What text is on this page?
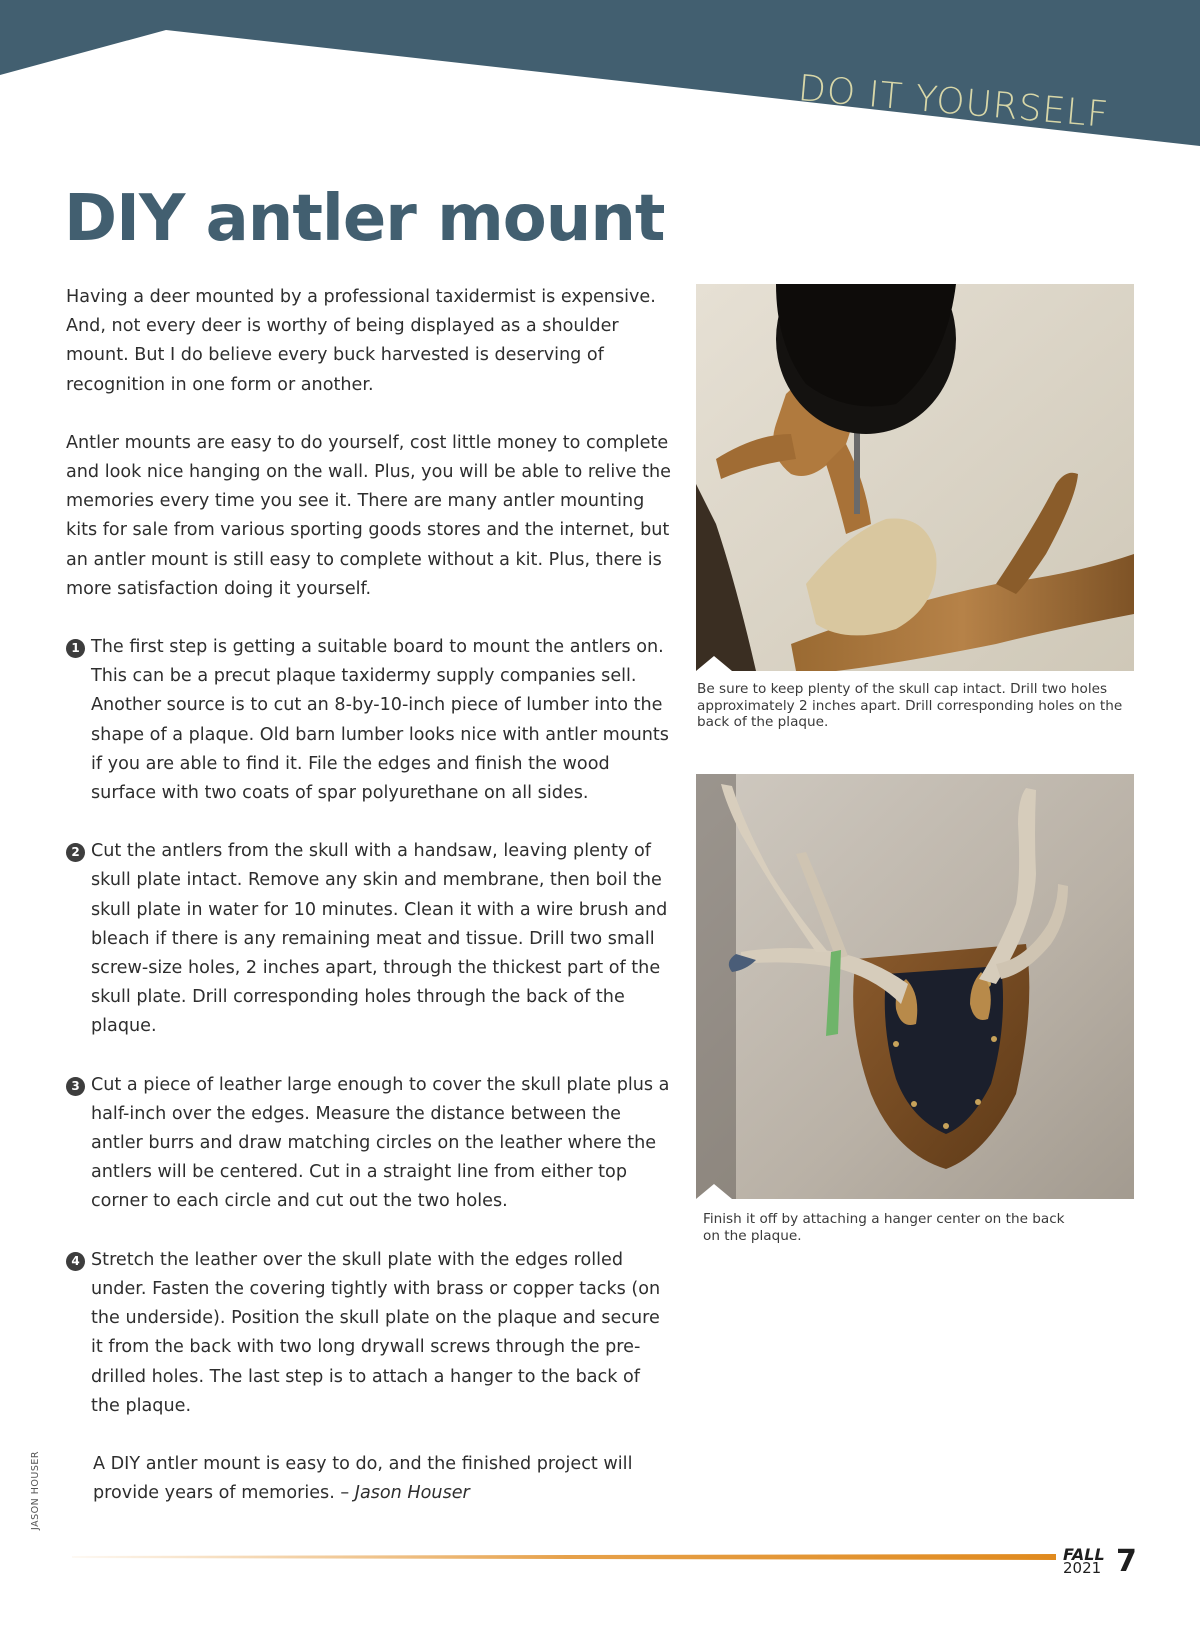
DO IT YOURSELF
DIY antler mount

Having a deer mounted by a professional taxidermist is expensive. And, not every deer is worthy of being displayed as a shoulder mount. But I do believe every buck harvested is deserving of recognition in one form or another.

Antler mounts are easy to do yourself, cost little money to complete and look nice hanging on the wall. Plus, you will be able to relive the memories every time you see it. There are many antler mounting kits for sale from various sporting goods stores and the internet, but an antler mount is still easy to complete without a kit. Plus, there is more satisfaction doing it yourself.

1 The first step is getting a suitable board to mount the antlers on. This can be a precut plaque taxidermy supply companies sell. Another source is to cut an 8-by-10-inch piece of lumber into the shape of a plaque. Old barn lumber looks nice with antler mounts if you are able to find it. File the edges and finish the wood surface with two coats of spar polyurethane on all sides.
2 Cut the antlers from the skull with a handsaw, leaving plenty of skull plate intact. Remove any skin and membrane, then boil the skull plate in water for 10 minutes. Clean it with a wire brush and bleach if there is any remaining meat and tissue. Drill two small screw-size holes, 2 inches apart, through the thickest part of the skull plate. Drill corresponding holes through the back of the plaque.
3 Cut a piece of leather large enough to cover the skull plate plus a half-inch over the edges. Measure the distance between the antler burrs and draw matching circles on the leather where the antlers will be centered. Cut in a straight line from either top corner to each circle and cut out the two holes.
4 Stretch the leather over the skull plate with the edges rolled under. Fasten the covering tightly with brass or copper tacks (on the underside). Position the skull plate on the plaque and secure it from the back with two long drywall screws through the pre-drilled holes. The last step is to attach a hanger to the back of the plaque.

A DIY antler mount is easy to do, and the finished project will provide years of memories. – Jason Houser

Be sure to keep plenty of the skull cap intact. Drill two holes approximately 2 inches apart. Drill corresponding holes on the back of the plaque.
Finish it off by attaching a hanger center on the back on the plaque.
JASON HOUSER
FALL
2021 7
